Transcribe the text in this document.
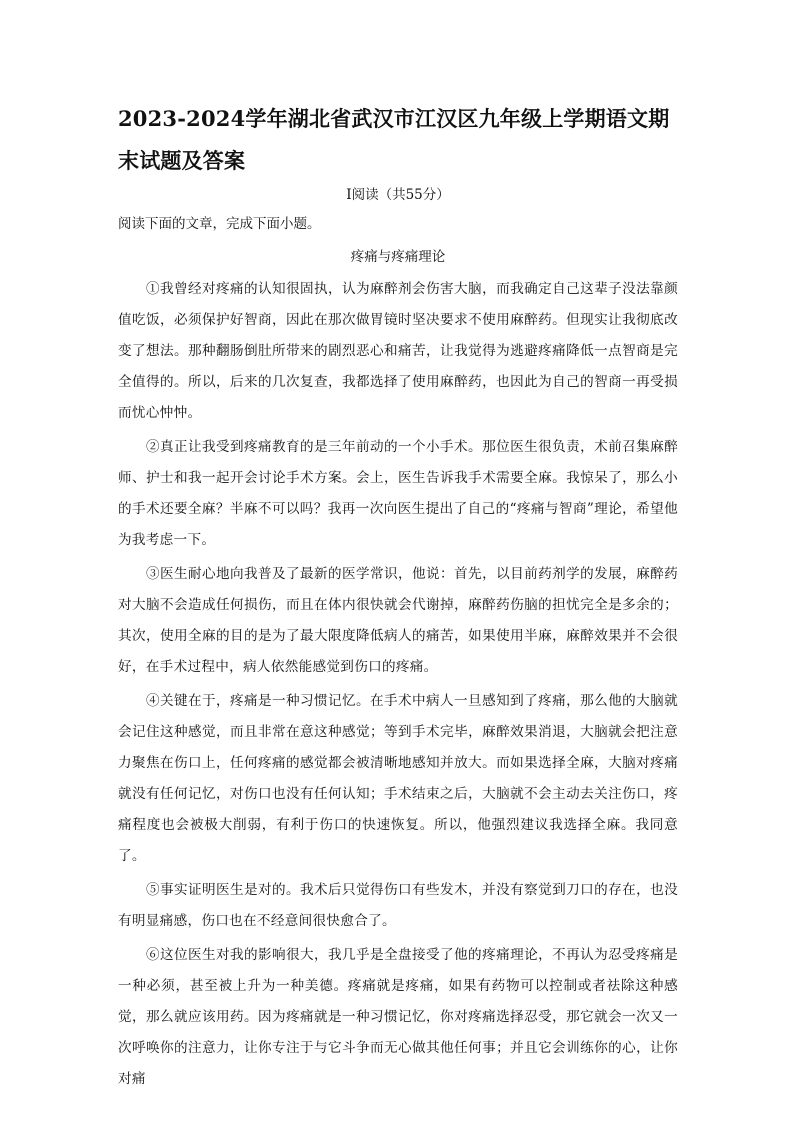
2023-2024学年湖北省武汉市江汉区九年级上学期语文期末试题及答案
I阅读（共55分）
阅读下面的文章，完成下面小题。
疼痛与疼痛理论

①我曾经对疼痛的认知很固执，认为麻醉剂会伤害大脑，而我确定自己这辈子没法靠颜值吃饭，必须保护好智商，因此在那次做胃镜时坚决要求不使用麻醉药。但现实让我彻底改变了想法。那种翻肠倒肚所带来的剧烈恶心和痛苦，让我觉得为逃避疼痛降低一点智商是完全值得的。所以，后来的几次复查，我都选择了使用麻醉药，也因此为自己的智商一再受损而忧心忡忡。

②真正让我受到疼痛教育的是三年前动的一个小手术。那位医生很负责，术前召集麻醉师、护士和我一起开会讨论手术方案。会上，医生告诉我手术需要全麻。我惊呆了，那么小的手术还要全麻？半麻不可以吗？我再一次向医生提出了自己的“疼痛与智商”理论，希望他为我考虑一下。

③医生耐心地向我普及了最新的医学常识，他说：首先，以目前药剂学的发展，麻醉药对大脑不会造成任何损伤，而且在体内很快就会代谢掉，麻醉药伤脑的担忧完全是多余的；其次，使用全麻的目的是为了最大限度降低病人的痛苦，如果使用半麻，麻醉效果并不会很好，在手术过程中，病人依然能感觉到伤口的疼痛。

④关键在于，疼痛是一种习惯记忆。在手术中病人一旦感知到了疼痛，那么他的大脑就会记住这种感觉，而且非常在意这种感觉；等到手术完毕，麻醉效果消退，大脑就会把注意力聚焦在伤口上，任何疼痛的感觉都会被清晰地感知并放大。而如果选择全麻，大脑对疼痛就没有任何记忆，对伤口也没有任何认知；手术结束之后，大脑就不会主动去关注伤口，疼痛程度也会被极大削弱，有利于伤口的快速恢复。所以，他强烈建议我选择全麻。我同意了。

⑤事实证明医生是对的。我术后只觉得伤口有些发木，并没有察觉到刀口的存在，也没有明显痛感，伤口也在不经意间很快愈合了。

⑥这位医生对我的影响很大，我几乎是全盘接受了他的疼痛理论，不再认为忍受疼痛是一种必须，甚至被上升为一种美德。疼痛就是疼痛，如果有药物可以控制或者祛除这种感觉，那么就应该用药。因为疼痛就是一种习惯记忆，你对疼痛选择忍受，那它就会一次又一次呼唤你的注意力，让你专注于与它斗争而无心做其他任何事；并且它会训练你的心，让你对痛
